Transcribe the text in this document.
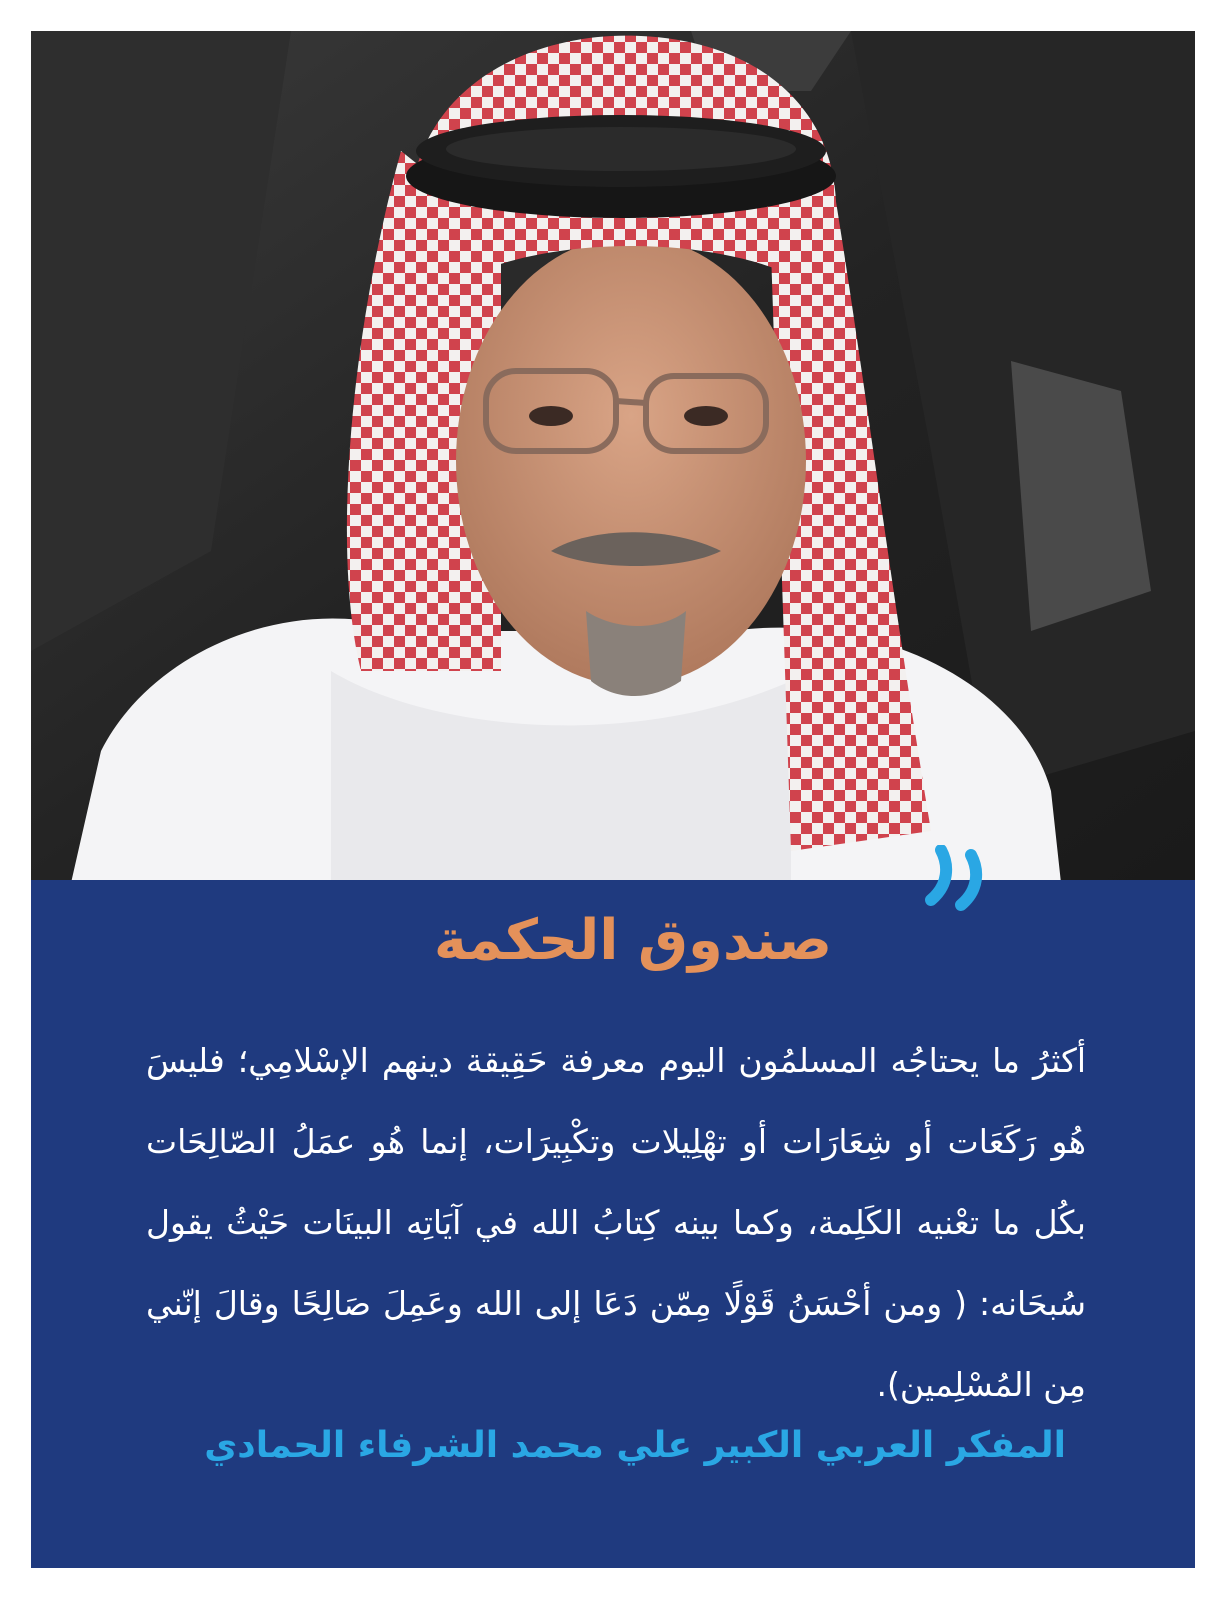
صندوق الحكمة
أكثرُ ما يحتاجُه المسلمُون اليوم معرفة حَقِيقة دينهم الإسْلامِي؛ فليسَ هُو رَكَعَات أو شِعَارَات أو تهْلِيلات وتكْبِيرَات، إنما هُو عمَلُ الصّالِحَات بكُل ما تعْنيه الكَلِمة، وكما بينه كِتابُ الله في آيَاتِه البينَات حَيْثُ يقول سُبحَانه: ( ومن أحْسَنُ قَوْلًا مِمّن دَعَا إلى الله وعَمِلَ صَالِحًا وقالَ إنّني مِن المُسْلِمين).
المفكر العربي الكبير علي محمد الشرفاء الحمادي
